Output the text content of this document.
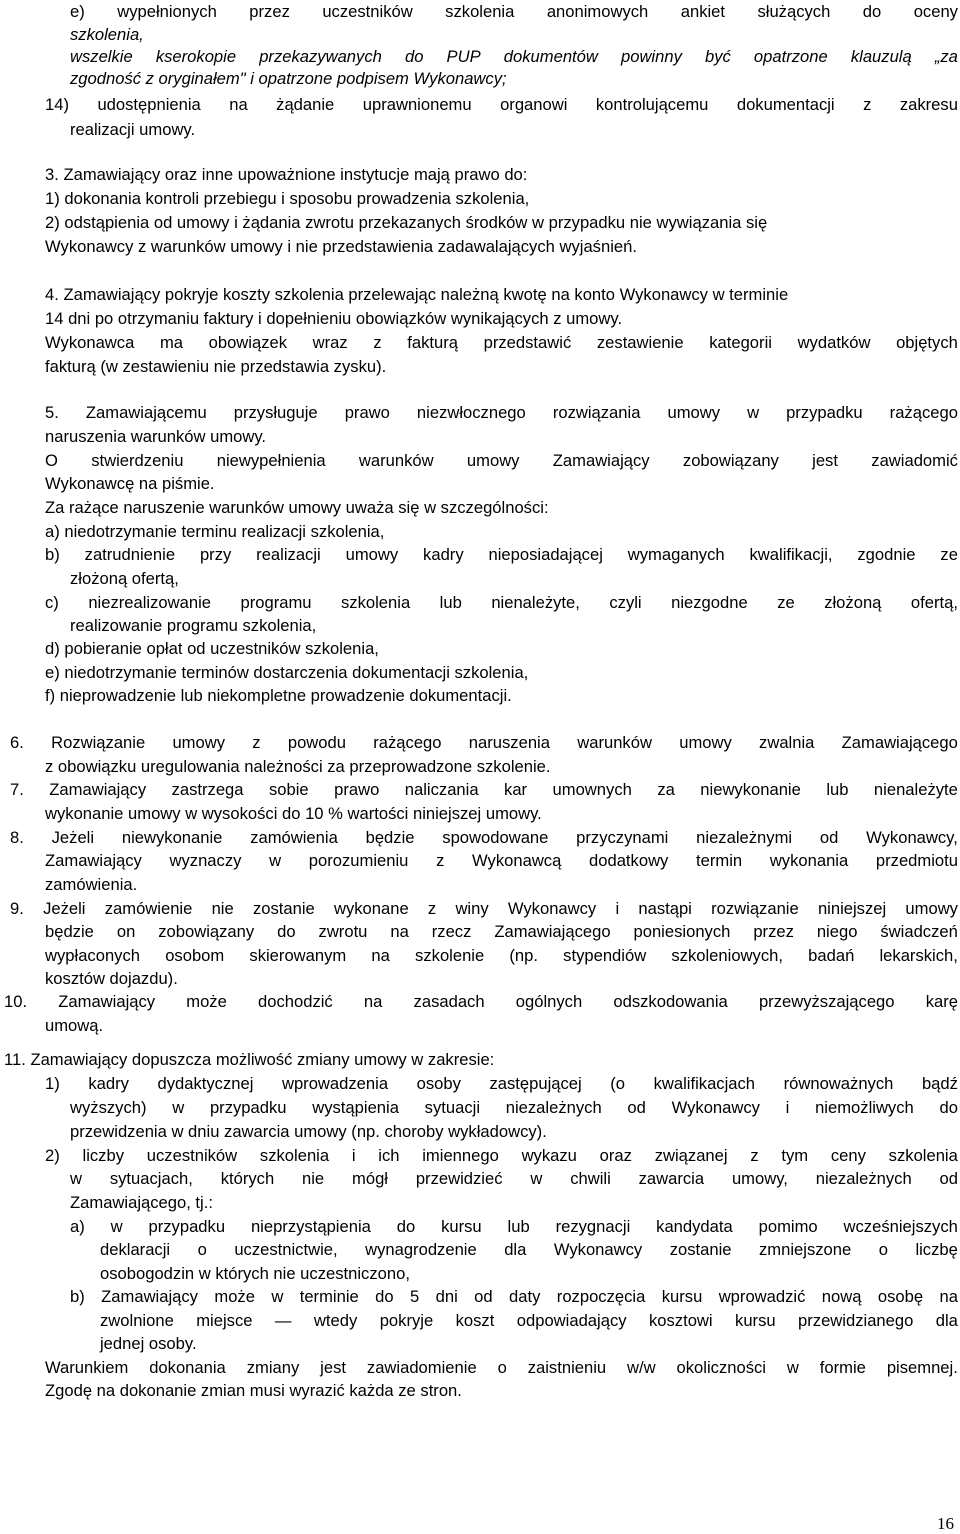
e) wypełnionych przez uczestników szkolenia anonimowych ankiet służących do oceny
szkolenia,
wszelkie kserokopie przekazywanych do PUP dokumentów powinny być opatrzone klauzulą „za
zgodność z oryginałem" i opatrzone podpisem Wykonawcy;
14) udostępnienia na żądanie uprawnionemu organowi kontrolującemu dokumentacji z zakresu
realizacji umowy.
3. Zamawiający oraz inne upoważnione instytucje mają prawo do:
1) dokonania kontroli przebiegu i sposobu prowadzenia szkolenia,
2) odstąpienia od umowy i żądania zwrotu przekazanych środków w przypadku nie wywiązania się
Wykonawcy z warunków umowy i nie przedstawienia zadawalających wyjaśnień.
4. Zamawiający pokryje koszty szkolenia przelewając należną kwotę na konto Wykonawcy w terminie
14 dni po otrzymaniu faktury i dopełnieniu obowiązków wynikających z umowy.
Wykonawca ma obowiązek wraz z fakturą przedstawić zestawienie kategorii wydatków objętych
fakturą (w zestawieniu nie przedstawia zysku).
5. Zamawiającemu przysługuje prawo niezwłocznego rozwiązania umowy w przypadku rażącego
naruszenia warunków umowy.
O stwierdzeniu niewypełnienia warunków umowy Zamawiający zobowiązany jest zawiadomić
Wykonawcę na piśmie.
Za rażące naruszenie warunków umowy uważa się w szczególności:
a) niedotrzymanie terminu realizacji szkolenia,
b) zatrudnienie przy realizacji umowy kadry nieposiadającej wymaganych kwalifikacji, zgodnie ze
złożoną ofertą,
c) niezrealizowanie programu szkolenia lub nienależyte, czyli niezgodne ze złożoną ofertą,
realizowanie programu szkolenia,
d) pobieranie opłat od uczestników szkolenia,
e) niedotrzymanie terminów dostarczenia dokumentacji szkolenia,
f) nieprowadzenie lub niekompletne prowadzenie dokumentacji.
6. Rozwiązanie umowy z powodu rażącego naruszenia warunków umowy zwalnia Zamawiającego
z obowiązku uregulowania należności za przeprowadzone szkolenie.
7. Zamawiający zastrzega sobie prawo naliczania kar umownych za niewykonanie lub nienależyte
wykonanie umowy w wysokości do 10 % wartości niniejszej umowy.
8. Jeżeli niewykonanie zamówienia będzie spowodowane przyczynami niezależnymi od Wykonawcy,
Zamawiający wyznaczy w porozumieniu z Wykonawcą dodatkowy termin wykonania przedmiotu
zamówienia.
9. Jeżeli zamówienie nie zostanie wykonane z winy Wykonawcy i nastąpi rozwiązanie niniejszej umowy
będzie on zobowiązany do zwrotu na rzecz Zamawiającego poniesionych przez niego świadczeń
wypłaconych osobom skierowanym na szkolenie (np. stypendiów szkoleniowych, badań lekarskich,
kosztów dojazdu).
10. Zamawiający może dochodzić na zasadach ogólnych odszkodowania przewyższającego karę
umową.
11. Zamawiający dopuszcza możliwość zmiany umowy w zakresie:
1) kadry dydaktycznej wprowadzenia osoby zastępującej (o kwalifikacjach równoważnych bądź
wyższych) w przypadku wystąpienia sytuacji niezależnych od Wykonawcy i niemożliwych do
przewidzenia w dniu zawarcia umowy (np. choroby wykładowcy).
2) liczby uczestników szkolenia i ich imiennego wykazu oraz związanej z tym ceny szkolenia
w sytuacjach, których nie mógł przewidzieć w chwili zawarcia umowy, niezależnych od
Zamawiającego, tj.:
a) w przypadku nieprzystąpienia do kursu lub rezygnacji kandydata pomimo wcześniejszych
deklaracji o uczestnictwie, wynagrodzenie dla Wykonawcy zostanie zmniejszone o liczbę
osobogodzin w których nie uczestniczono,
b) Zamawiający może w terminie do 5 dni od daty rozpoczęcia kursu wprowadzić nową osobę na
zwolnione miejsce — wtedy pokryje koszt odpowiadający kosztowi kursu przewidzianego dla
jednej osoby.
Warunkiem dokonania zmiany jest zawiadomienie o zaistnieniu w/w okoliczności w formie pisemnej.
Zgodę na dokonanie zmian musi wyrazić każda ze stron.
16
